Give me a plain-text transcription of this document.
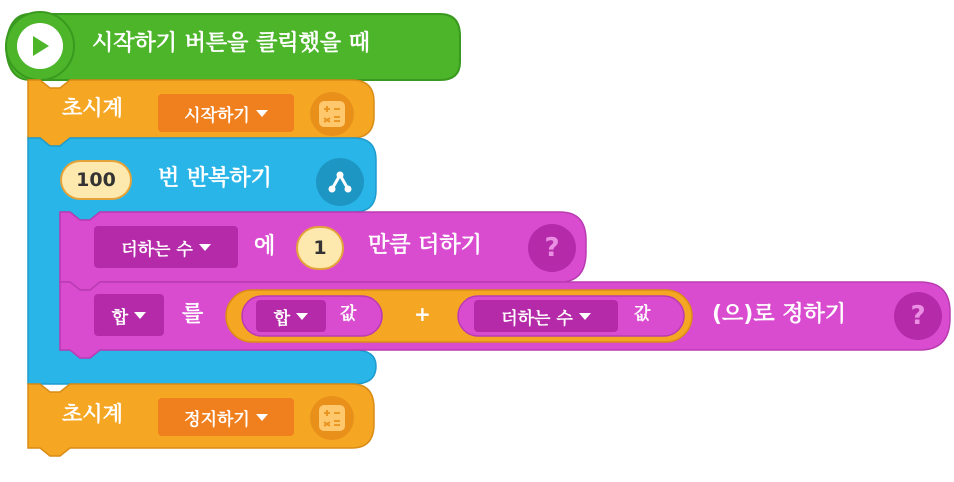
시작하기 버튼을 클릭했을 때
초시계	시작하기
100	번 반복하기
더하는 수	에	1	만큼 더하기 ?
합 를	합	값	+	더하는 수	값	(으)로 정하기 ?
초시계	정지하기
